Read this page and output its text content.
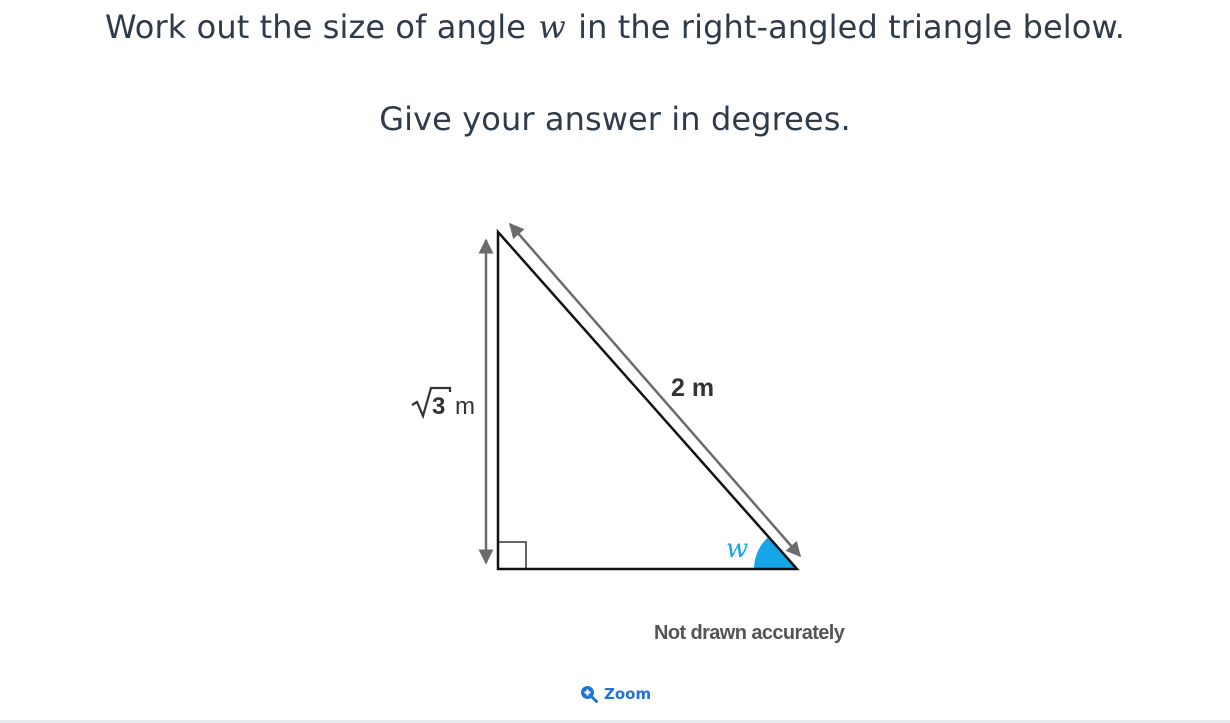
Work out the size of angle w in the right-angled triangle below.
Give your answer in degrees.
3 m
2 m
w
Not drawn accurately
Zoom
